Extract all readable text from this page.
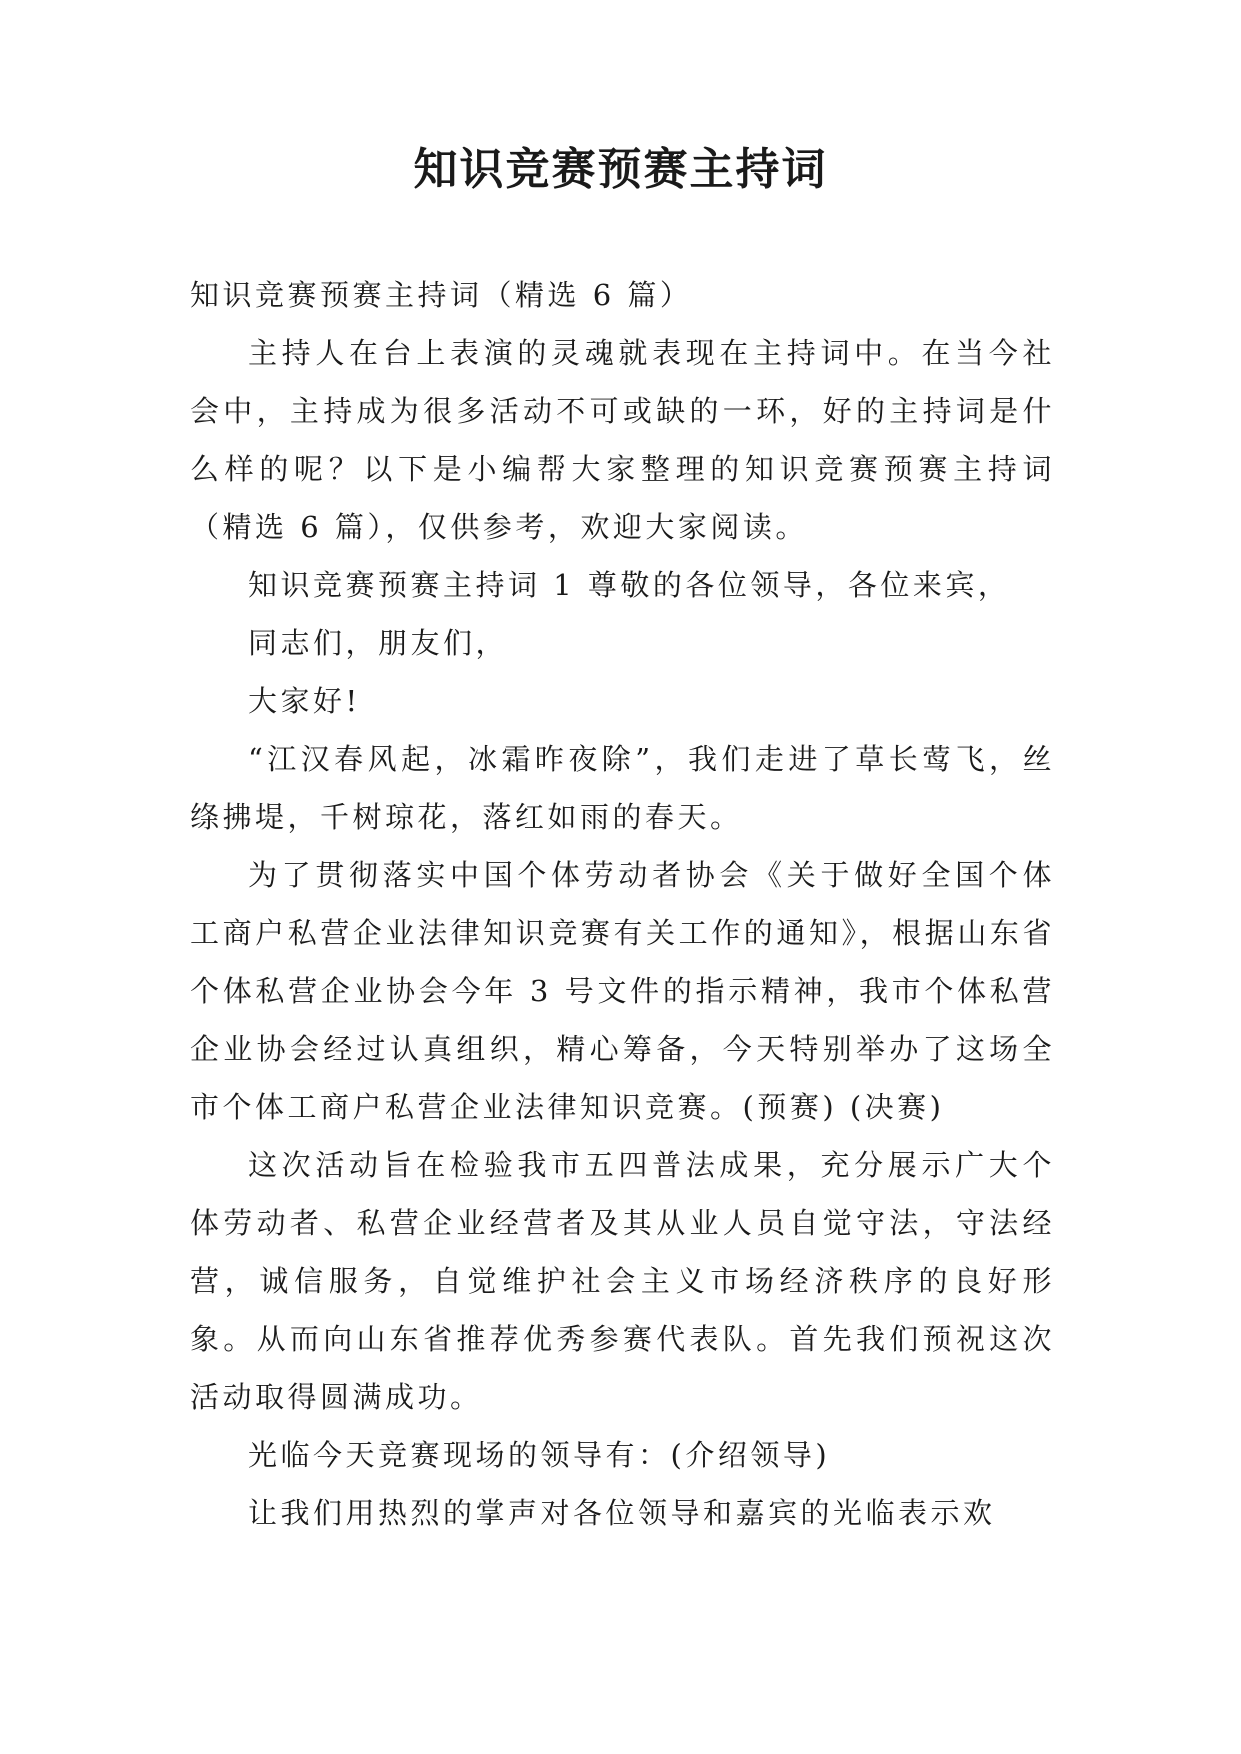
知识竞赛预赛主持词

知识竞赛预赛主持词（精选 6 篇）

主持人在台上表演的灵魂就表现在主持词中。在当今社会中，主持成为很多活动不可或缺的一环，好的主持词是什么样的呢？以下是小编帮大家整理的知识竞赛预赛主持词（精选 6 篇），仅供参考，欢迎大家阅读。

知识竞赛预赛主持词 1 尊敬的各位领导，各位来宾，

同志们，朋友们，

大家好!

“江汉春风起，冰霜昨夜除”，我们走进了草长莺飞，丝绦拂堤，千树琼花，落红如雨的春天。

为了贯彻落实中国个体劳动者协会《关于做好全国个体工商户私营企业法律知识竞赛有关工作的通知》，根据山东省个体私营企业协会今年 3 号文件的指示精神，我市个体私营企业协会经过认真组织，精心筹备，今天特别举办了这场全市个体工商户私营企业法律知识竞赛。(预赛) (决赛)

这次活动旨在检验我市五四普法成果，充分展示广大个体劳动者、私营企业经营者及其从业人员自觉守法，守法经营，诚信服务，自觉维护社会主义市场经济秩序的良好形象。从而向山东省推荐优秀参赛代表队。首先我们预祝这次活动取得圆满成功。

光临今天竞赛现场的领导有：(介绍领导)

让我们用热烈的掌声对各位领导和嘉宾的光临表示欢
